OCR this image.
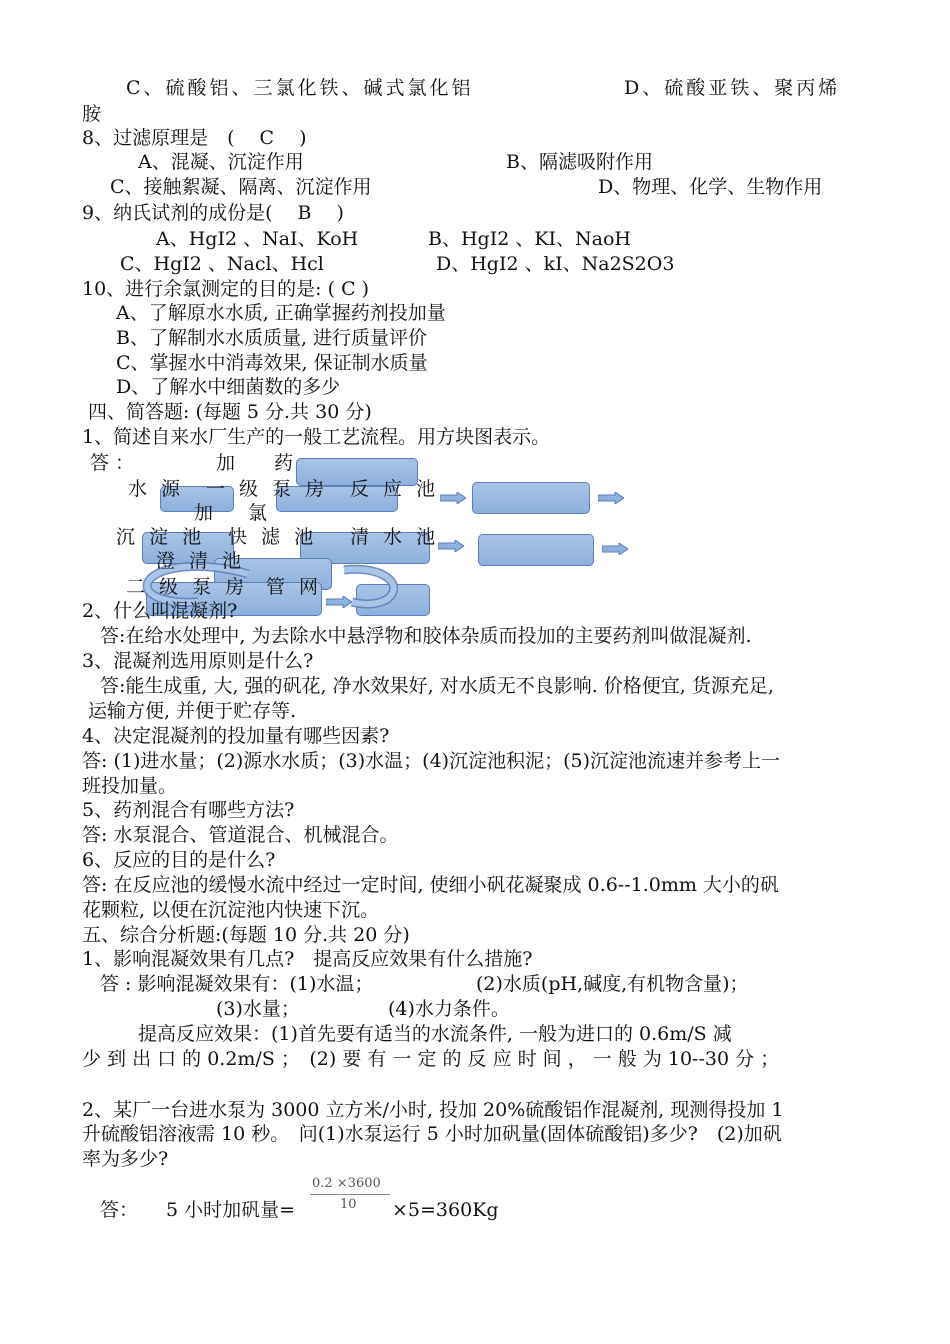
C、硫酸铝、三氯化铁、碱式氯化铝	D、硫酸亚铁、聚丙烯
胺
8、过滤原理是　(　 C　 )
A、混凝、沉淀作用	B、隔滤吸附作用
C、接触絮凝、隔离、沉淀作用	D、物理、化学、生物作用
9、纳氏试剂的成份是(　 B　 )
A、HgI2 、NaI、KoH	B、HgI2 、KI、NaoH
C、HgI2 、Nacl、Hcl	D、HgI2 、kI、Na2S2O3
10、进行余氯测定的目的是: ( C )
A、了解原水水质, 正确掌握药剂投加量
B、了解制水水质质量, 进行质量评价
C、掌握水中消毒效果, 保证制水质量
D、了解水中细菌数的多少
四、简答题: (每题 5 分.共 30 分)
1、简述自来水厂生产的一般工艺流程。用方块图表示。
答：	加　药
水 源 一 级 泵 房 反 应 池
加　氯
沉 淀 池 快 滤 池 清 水 池
澄 清 池
二 级 泵 房 管 网
2、什么叫混凝剂?
答:在给水处理中, 为去除水中悬浮物和胶体杂质而投加的主要药剂叫做混凝剂.
3、混凝剂选用原则是什么?
答:能生成重, 大, 强的矾花, 净水效果好, 对水质无不良影响. 价格便宜, 货源充足,
运输方便, 并便于贮存等.
4、决定混凝剂的投加量有哪些因素?
答: (1)进水量；(2)源水水质；(3)水温；(4)沉淀池积泥；(5)沉淀池流速并参考上一
班投加量。
5、药剂混合有哪些方法?
答: 水泵混合、管道混合、机械混合。
6、反应的目的是什么?
答: 在反应池的缓慢水流中经过一定时间, 使细小矾花凝聚成 0.6--1.0mm 大小的矾
花颗粒, 以便在沉淀池内快速下沉。
五、综合分析题:(每题 10 分.共 20 分)
1、影响混凝效果有几点?　提高反应效果有什么措施?
答 : 影响混凝效果有：(1)水温；	(2)水质(pH,碱度,有机物含量)；
(3)水量；	(4)水力条件。
提高反应效果：(1)首先要有适当的水流条件, 一般为进口的 0.6m/S 减
少 到 出 口 的 0.2m/S ；　(2) 要 有 一 定 的 反 应 时 间 ， 一 般 为 10--30 分 ；
2、某厂一台进水泵为 3000 立方米/小时, 投加 20%硫酸铝作混凝剂, 现测得投加 1
升硫酸铝溶液需 10 秒。　问(1)水泵运行 5 小时加矾量(固体硫酸铝)多少?　(2)加矾
率为多少?
答： 5 小时加矾量=
0.2 ×3600
10 ×5=360Kg
